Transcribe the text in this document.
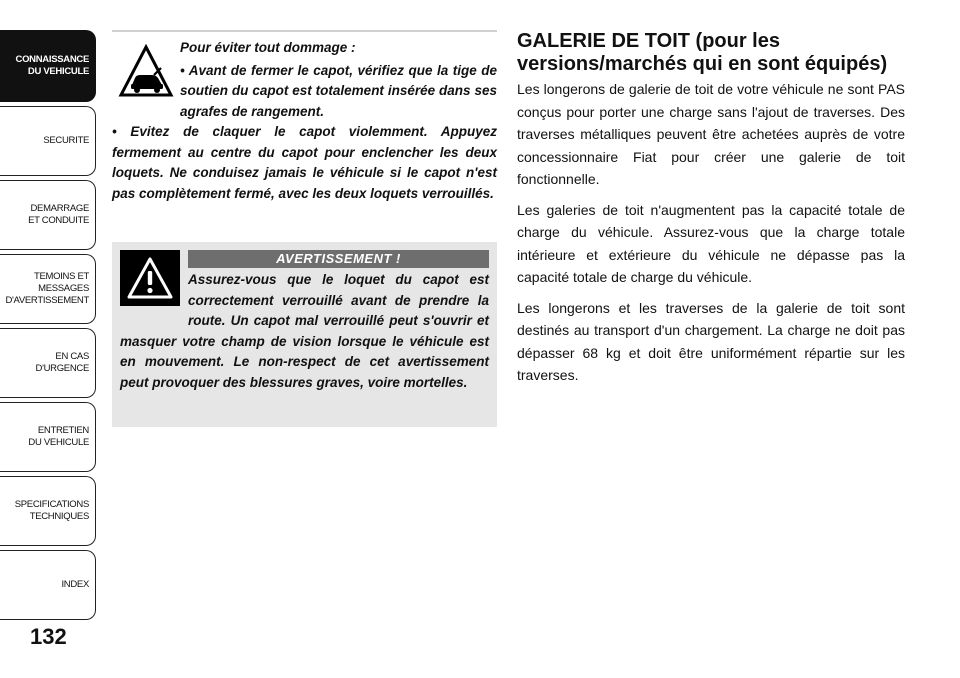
CONNAISSANCE
DU VEHICULE
SECURITE
DEMARRAGE
ET CONDUITE
TEMOINS ET
MESSAGES
D'AVERTISSEMENT
EN CAS
D'URGENCE
ENTRETIEN
DU VEHICULE
SPECIFICATIONS
TECHNIQUES
INDEX
132

Pour éviter tout dommage :

• Avant de fermer le capot, vérifiez que la tige de soutien du capot est totalement insérée dans ses agrafes de rangement.

• Evitez de claquer le capot violemment. Appuyez fermement au centre du capot pour enclencher les deux loquets. Ne conduisez jamais le véhicule si le capot n'est pas complètement fermé, avec les deux loquets verrouillés.

AVERTISSEMENT !
Assurez-vous que le loquet du capot est correctement verrouillé avant de prendre la route. Un capot mal verrouillé peut s'ouvrir et masquer votre champ de vision lorsque le véhicule est en mouvement. Le non-respect de cet avertissement peut provoquer des blessures graves, voire mortelles.
GALERIE DE TOIT (pour les versions/marchés qui en sont équipés)

Les longerons de galerie de toit de votre véhicule ne sont PAS conçus pour porter une charge sans l'ajout de traverses. Des traverses métalliques peuvent être achetées auprès de votre concessionnaire Fiat pour créer une galerie de toit fonctionnelle.

Les galeries de toit n'augmentent pas la capacité totale de charge du véhicule. Assurez-vous que la charge totale intérieure et extérieure du véhicule ne dépasse pas la capacité totale de charge du véhicule.

Les longerons et les traverses de la galerie de toit sont destinés au transport d'un chargement. La charge ne doit pas dépasser 68 kg et doit être uniformément répartie sur les traverses.
